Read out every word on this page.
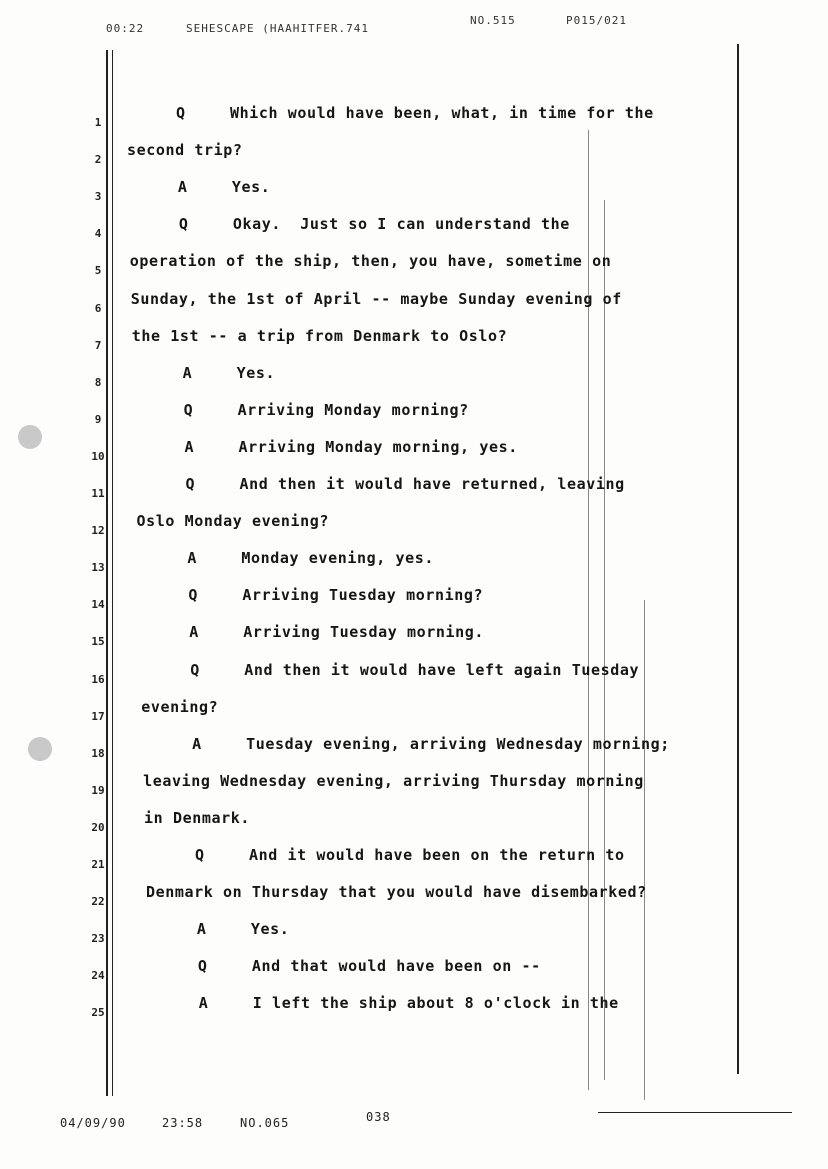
00:22	SEHESCAPE (HAAHITFER.741
NO.515	P015/021
1
Q	Which would have been, what, in time for the
2
second trip?
3
A	Yes.
4
Q	Okay.  Just so I can understand the
5
operation of the ship, then, you have, sometime on
6
Sunday, the 1st of April -- maybe Sunday evening of
7
the 1st -- a trip from Denmark to Oslo?
8
A	Yes.
9
Q	Arriving Monday morning?
10
A	Arriving Monday morning, yes.
11
Q	And then it would have returned, leaving
12
Oslo Monday evening?
13
A	Monday evening, yes.
14
Q	Arriving Tuesday morning?
15
A	Arriving Tuesday morning.
16
Q	And then it would have left again Tuesday
17
evening?
18
A	Tuesday evening, arriving Wednesday morning;
19
leaving Wednesday evening, arriving Thursday morning
20
in Denmark.
21
Q	And it would have been on the return to
22
Denmark on Thursday that you would have disembarked?
23
A	Yes.
24
Q	And that would have been on --
25
A	I left the ship about 8 o'clock in the
04/09/90	23:58	NO.065	038
